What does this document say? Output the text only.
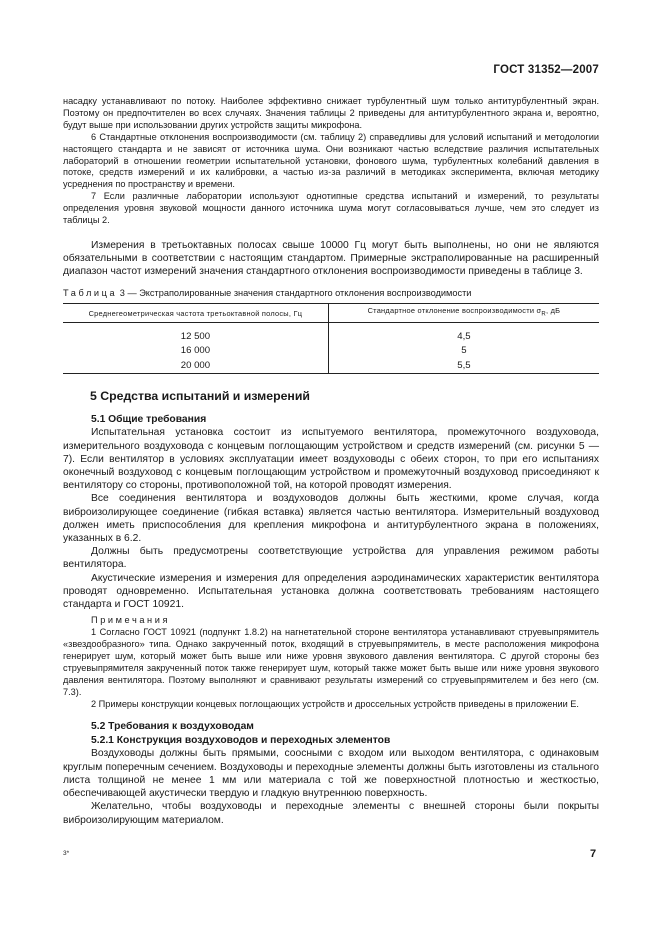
ГОСТ 31352—2007

насадку устанавливают по потоку. Наиболее эффективно снижает турбулентный шум только антитурбулентный экран. Поэтому он предпочтителен во всех случаях. Значения таблицы 2 приведены для антитурбулентного экрана и, вероятно, будут выше при использовании других устройств защиты микрофона.

6 Стандартные отклонения воспроизводимости (см. таблицу 2) справедливы для условий испытаний и методологии настоящего стандарта и не зависят от источника шума. Они возникают частью вследствие различия испытательных лабораторий в отношении геометрии испытательной установки, фонового шума, турбулентных колебаний давления в потоке, средств измерений и их калибровки, а частью из-за различий в методиках эксперимента, включая методику усреднения по пространству и времени.

7 Если различные лаборатории используют однотипные средства испытаний и измерений, то результаты определения уровня звуковой мощности данного источника шума могут согласовываться лучше, чем это следует из таблицы 2.

Измерения в третьоктавных полосах свыше 10000 Гц могут быть выполнены, но они не являются обязательными в соответствии с настоящим стандартом. Примерные экстраполированные на расширенный диапазон частот измерений значения стандартного отклонения воспроизводимости приведены в таблице 3.

Таблица 3 — Экстраполированные значения стандартного отклонения воспроизводимости

Среднегеометрическая частота третьоктавной полосы, Гц	Стандартное отклонение воспроизводимости $\sigma_R$, дБ
12 500	4,5
16 000	5
20 000	5,5
5 Средства испытаний и измерений
5.1 Общие требования

Испытательная установка состоит из испытуемого вентилятора, промежуточного воздуховода, измерительного воздуховода с концевым поглощающим устройством и средств измерений (см. рисунки 5 — 7). Если вентилятор в условиях эксплуатации имеет воздуховоды с обеих сторон, то при его испытаниях оконечный воздуховод с концевым поглощающим устройством и промежуточный воздуховод присоединяют к вентилятору со стороны, противоположной той, на которой проводят измерения.

Все соединения вентилятора и воздуховодов должны быть жесткими, кроме случая, когда виброизолирующее соединение (гибкая вставка) является частью вентилятора. Измерительный воздуховод должен иметь приспособления для крепления микрофона и антитурбулентного экрана в положениях, указанных в 6.2.

Должны быть предусмотрены соответствующие устройства для управления режимом работы вентилятора.

Акустические измерения и измерения для определения аэродинамических характеристик вентилятора проводят одновременно. Испытательная установка должна соответствовать требованиям настоящего стандарта и ГОСТ 10921.

Примечания

1 Согласно ГОСТ 10921 (подпункт 1.8.2) на нагнетательной стороне вентилятора устанавливают струевыпрямитель «звездообразного» типа. Однако закрученный поток, входящий в струевыпрямитель, в месте расположения микрофона генерирует шум, который может быть выше или ниже уровня звукового давления вентилятора. С другой стороны без струевыпрямителя закрученный поток также генерирует шум, который также может быть выше или ниже уровня звукового давления вентилятора. Поэтому выполняют и сравнивают результаты измерений со струевыпрямителем и без него (см. 7.3).

2 Примеры конструкции концевых поглощающих устройств и дроссельных устройств приведены в приложении Е.

5.2 Требования к воздуховодам
5.2.1 Конструкция воздуховодов и переходных элементов

Воздуховоды должны быть прямыми, соосными с входом или выходом вентилятора, с одинаковым круглым поперечным сечением. Воздуховоды и переходные элементы должны быть изготовлены из стального листа толщиной не менее 1 мм или материала с той же поверхностной плотностью и жесткостью, обеспечивающей акустически твердую и гладкую внутреннюю поверхность.

Желательно, чтобы воздуховоды и переходные элементы с внешней стороны были покрыты виброизолирующим материалом.

3*	7
